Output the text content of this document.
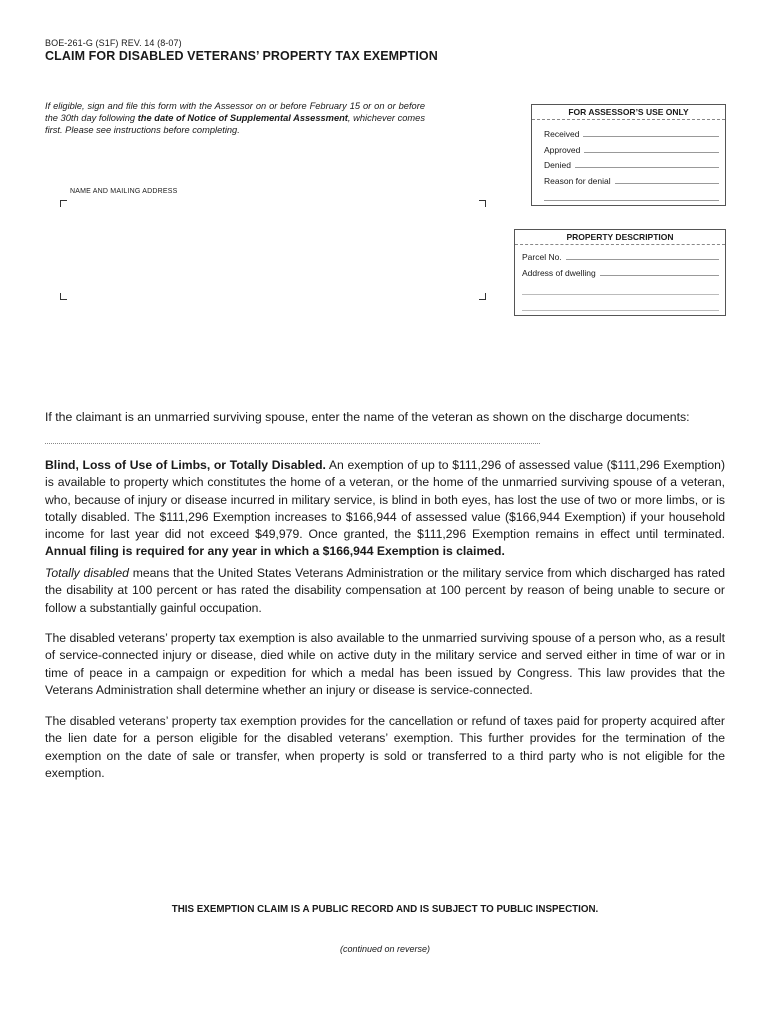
BOE-261-G (S1F) REV. 14 (8-07)
CLAIM FOR DISABLED VETERANS’ PROPERTY TAX EXEMPTION
If eligible, sign and file this form with the Assessor on or before February 15 or on or before the 30th day following the date of Notice of Supplemental Assessment, whichever comes first. Please see instructions before completing.
FOR ASSESSOR’S USE ONLY
Received
Approved
Denied
Reason for denial
PROPERTY DESCRIPTION
Parcel No.
Address of dwelling
NAME AND MAILING ADDRESS
If the claimant is an unmarried surviving spouse, enter the name of the veteran as shown on the discharge documents:
Blind, Loss of Use of Limbs, or Totally Disabled. An exemption of up to $111,296 of assessed value ($111,296 Exemption) is available to property which constitutes the home of a veteran, or the home of the unmarried surviving spouse of a veteran, who, because of injury or disease incurred in military service, is blind in both eyes, has lost the use of two or more limbs, or is totally disabled. The $111,296 Exemption increases to $166,944 of assessed value ($166,944 Exemption) if your household income for last year did not exceed $49,979. Once granted, the $111,296 Exemption remains in effect until terminated. Annual filing is required for any year in which a $166,944 Exemption is claimed.
Totally disabled means that the United States Veterans Administration or the military service from which discharged has rated the disability at 100 percent or has rated the disability compensation at 100 percent by reason of being unable to secure or follow a substantially gainful occupation.
The disabled veterans’ property tax exemption is also available to the unmarried surviving spouse of a person who, as a result of service-connected injury or disease, died while on active duty in the military service and served either in time of war or in time of peace in a campaign or expedition for which a medal has been issued by Congress. This law provides that the Veterans Administration shall determine whether an injury or disease is service-connected.
The disabled veterans’ property tax exemption provides for the cancellation or refund of taxes paid for property acquired after the lien date for a person eligible for the disabled veterans’ exemption. This further provides for the termination of the exemption on the date of sale or transfer, when property is sold or transferred to a third party who is not eligible for the exemption.
THIS EXEMPTION CLAIM IS A PUBLIC RECORD AND IS SUBJECT TO PUBLIC INSPECTION.
(continued on reverse)
